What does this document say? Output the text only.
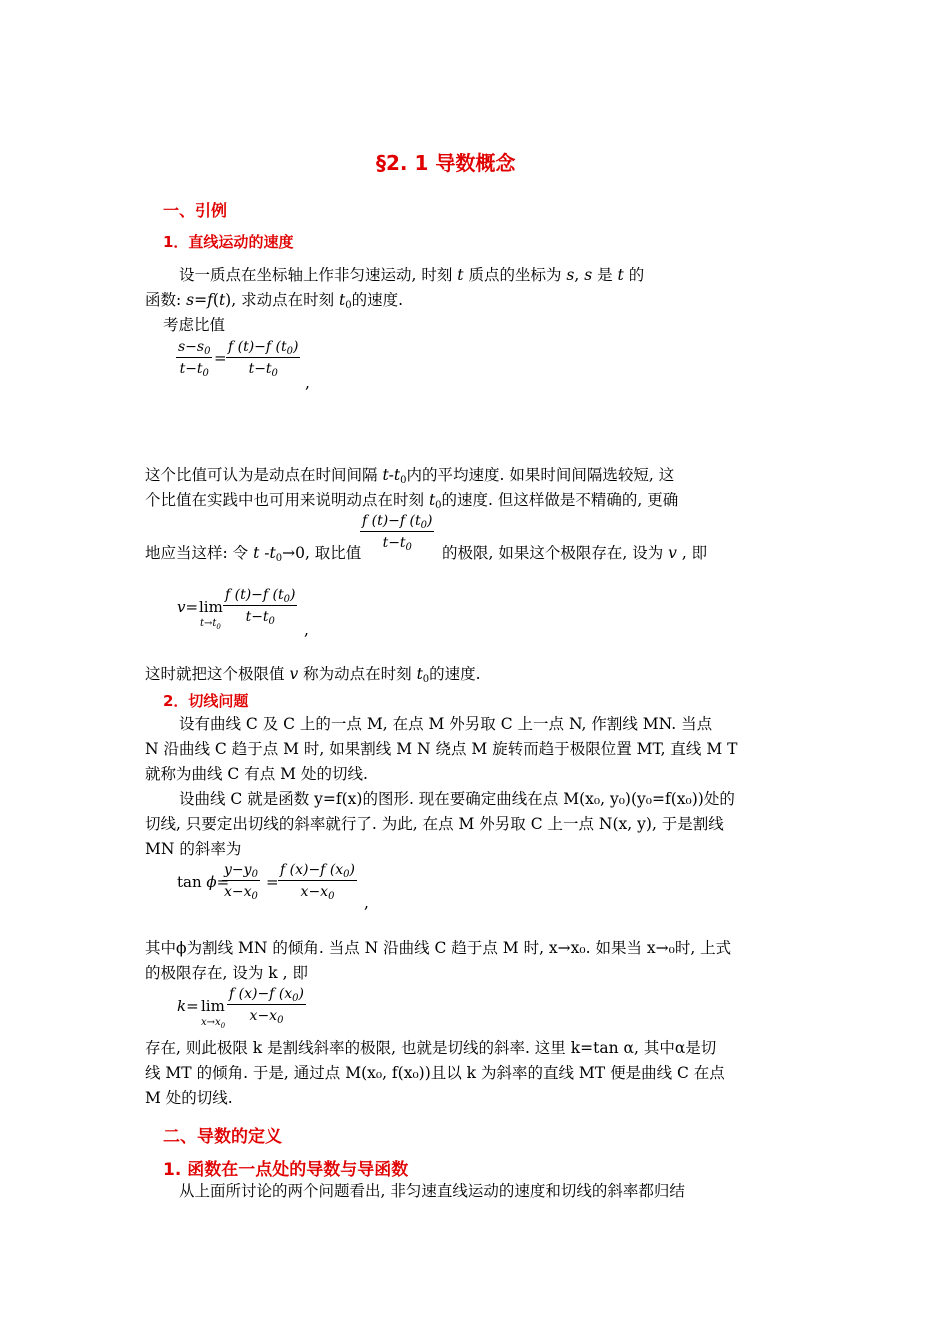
§2. 1 导数概念
一、引例
1．直线运动的速度
设一质点在坐标轴上作非匀速运动, 时刻 t 质点的坐标为 s, s 是 t 的
函数: s=f(t), 求动点在时刻 $t_0$的速度.
考虑比值
$\frac{s-s_0}{t-t_0} = \frac{f (t)-f (t_0)}{t-t_0}$
,
这个比值可认为是动点在时间间隔 $t-t_0$内的平均速度. 如果时间间隔选较短, 这
个比值在实践中也可用来说明动点在时刻 $t_0$的速度. 但这样做是不精确的, 更确
$\frac{f (t)-f (t_0)}{t-t_0}$
地应当这样: 令 t $-t_0\to 0$, 取比值	的极限, 如果这个极限存在, 设为 v , 即
v= lim
$t\to t_0$
$\frac{f (t)-f (t_0)}{t-t_0}$
,
这时就把这个极限值 v 称为动点在时刻 $t_0$的速度.
2．切线问题
设有曲线 C 及 C 上的一点 M, 在点 M 外另取 C 上一点 N, 作割线 MN. 当点
N 沿曲线 C 趋于点 M 时, 如果割线 M N 绕点 M 旋转而趋于极限位置 MT, 直线 M T
就称为曲线 C 有点 M 处的切线.
设曲线 C 就是函数 y=f(x)的图形. 现在要确定曲线在点 M(x₀, y₀)(y₀=f(x₀))处的
切线, 只要定出切线的斜率就行了. 为此, 在点 M 外另取 C 上一点 N(x, y), 于是割线
MN 的斜率为
tan ϕ=
$\frac{y-y_0}{x-x_0} = \frac{f (x)-f (x_0)}{x-x_0}$
,
其中ϕ为割线 MN 的倾角. 当点 N 沿曲线 C 趋于点 M 时, x→x₀. 如果当 x→₀时, 上式
的极限存在, 设为 k , 即
k= lim
$x\to x_0$
$\frac{f (x)-f (x_0)}{x-x_0}$
存在, 则此极限 k 是割线斜率的极限, 也就是切线的斜率. 这里 k=tan α, 其中α是切
线 MT 的倾角. 于是, 通过点 M(x₀, f(x₀))且以 k 为斜率的直线 MT 便是曲线 C 在点
M 处的切线.
二、导数的定义
1. 函数在一点处的导数与导函数
从上面所讨论的两个问题看出, 非匀速直线运动的速度和切线的斜率都归结
